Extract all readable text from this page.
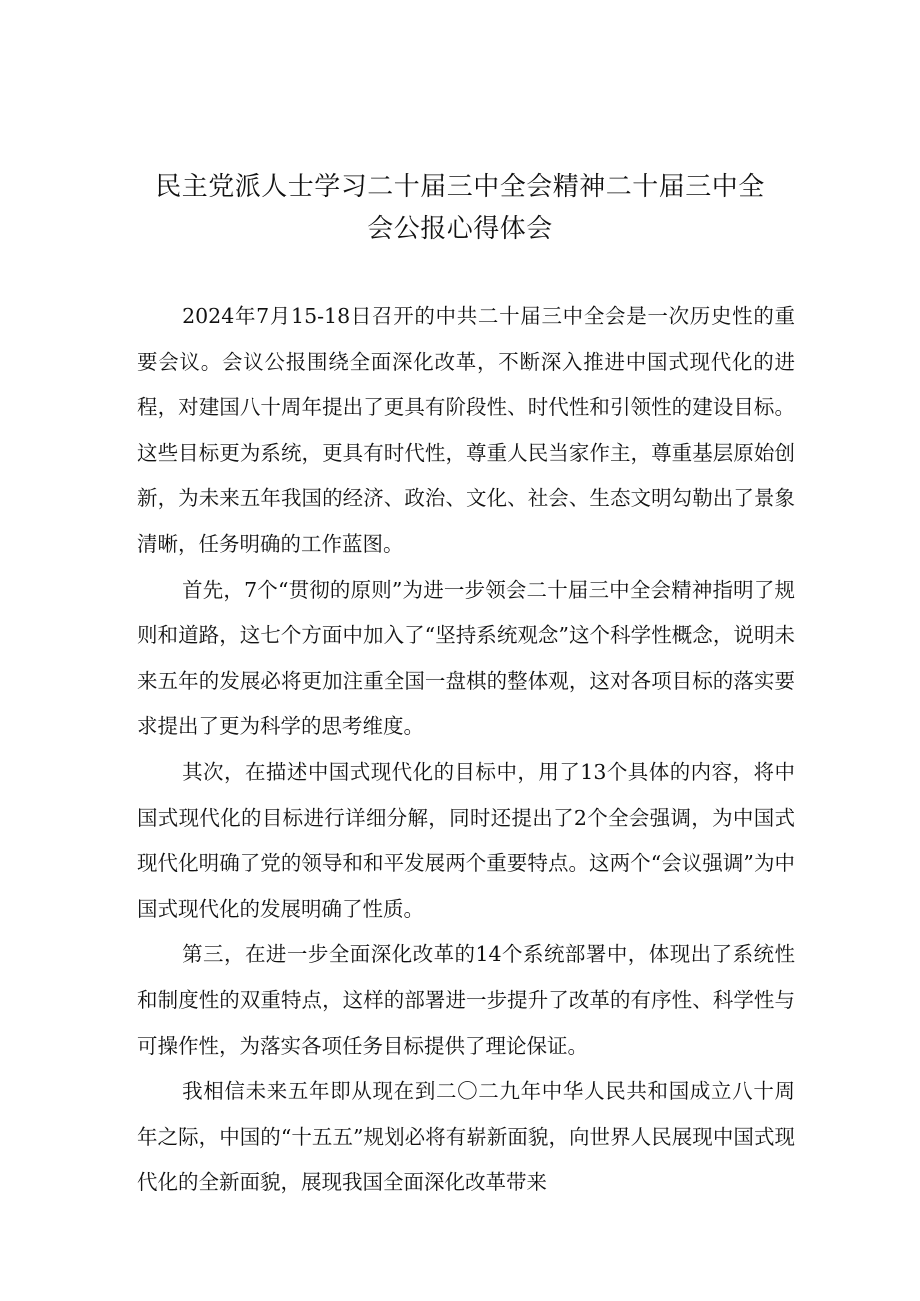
民主党派人士学习二十届三中全会精神二十届三中全
会公报心得体会

2024年7月15-18日召开的中共二十届三中全会是一次历史性的重要会议。会议公报围绕全面深化改革，不断深入推进中国式现代化的进程，对建国八十周年提出了更具有阶段性、时代性和引领性的建设目标。这些目标更为系统，更具有时代性，尊重人民当家作主，尊重基层原始创新，为未来五年我国的经济、政治、文化、社会、生态文明勾勒出了景象清晰，任务明确的工作蓝图。

首先，7个“贯彻的原则”为进一步领会二十届三中全会精神指明了规则和道路，这七个方面中加入了“坚持系统观念”这个科学性概念，说明未来五年的发展必将更加注重全国一盘棋的整体观，这对各项目标的落实要求提出了更为科学的思考维度。

其次，在描述中国式现代化的目标中，用了13个具体的内容，将中国式现代化的目标进行详细分解，同时还提出了2个全会强调，为中国式现代化明确了党的领导和和平发展两个重要特点。这两个“会议强调”为中国式现代化的发展明确了性质。

第三，在进一步全面深化改革的14个系统部署中，体现出了系统性和制度性的双重特点，这样的部署进一步提升了改革的有序性、科学性与可操作性，为落实各项任务目标提供了理论保证。

我相信未来五年即从现在到二〇二九年中华人民共和国成立八十周年之际，中国的“十五五”规划必将有崭新面貌，向世界人民展现中国式现代化的全新面貌，展现我国全面深化改革带来
